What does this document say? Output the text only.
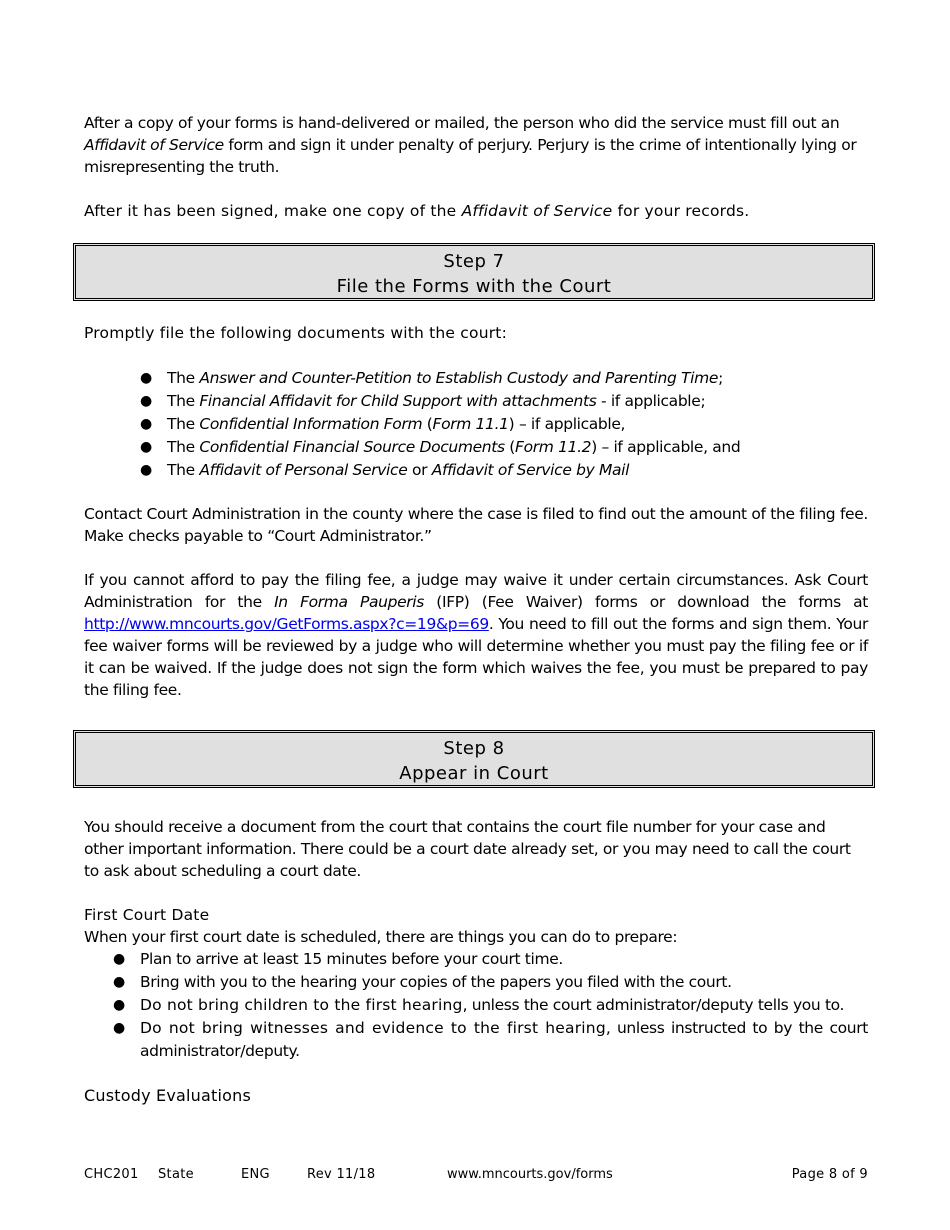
After a copy of your forms is hand-delivered or mailed, the person who did the service must fill out an Affidavit of Service form and sign it under penalty of perjury. Perjury is the crime of intentionally lying or misrepresenting the truth.

After it has been signed, make one copy of the Affidavit of Service for your records.

Step 7
File the Forms with the Court

Promptly file the following documents with the court:

● The Answer and Counter-Petition to Establish Custody and Parenting Time;
● The Financial Affidavit for Child Support with attachments - if applicable;
● The Confidential Information Form (Form 11.1) – if applicable,
● The Confidential Financial Source Documents (Form 11.2) – if applicable, and
● The Affidavit of Personal Service or Affidavit of Service by Mail

Contact Court Administration in the county where the case is filed to find out the amount of the filing fee. Make checks payable to “Court Administrator.”

If you cannot afford to pay the filing fee, a judge may waive it under certain circumstances. Ask Court Administration for the In Forma Pauperis (IFP) (Fee Waiver) forms or download the forms at http://www.mncourts.gov/GetForms.aspx?c=19&p=69. You need to fill out the forms and sign them. Your fee waiver forms will be reviewed by a judge who will determine whether you must pay the filing fee or if it can be waived. If the judge does not sign the form which waives the fee, you must be prepared to pay the filing fee.

Step 8
Appear in Court

You should receive a document from the court that contains the court file number for your case and other important information. There could be a court date already set, or you may need to call the court to ask about scheduling a court date.

First Court Date

When your first court date is scheduled, there are things you can do to prepare:

● Plan to arrive at least 15 minutes before your court time.
● Bring with you to the hearing your copies of the papers you filed with the court.
● Do not bring children to the first hearing, unless the court administrator/deputy tells you to.
● Do not bring witnesses and evidence to the first hearing, unless instructed to by the court administrator/deputy.

Custody Evaluations

CHC201 State	ENG	Rev 11/18	www.mncourts.gov/forms	Page 8 of 9
